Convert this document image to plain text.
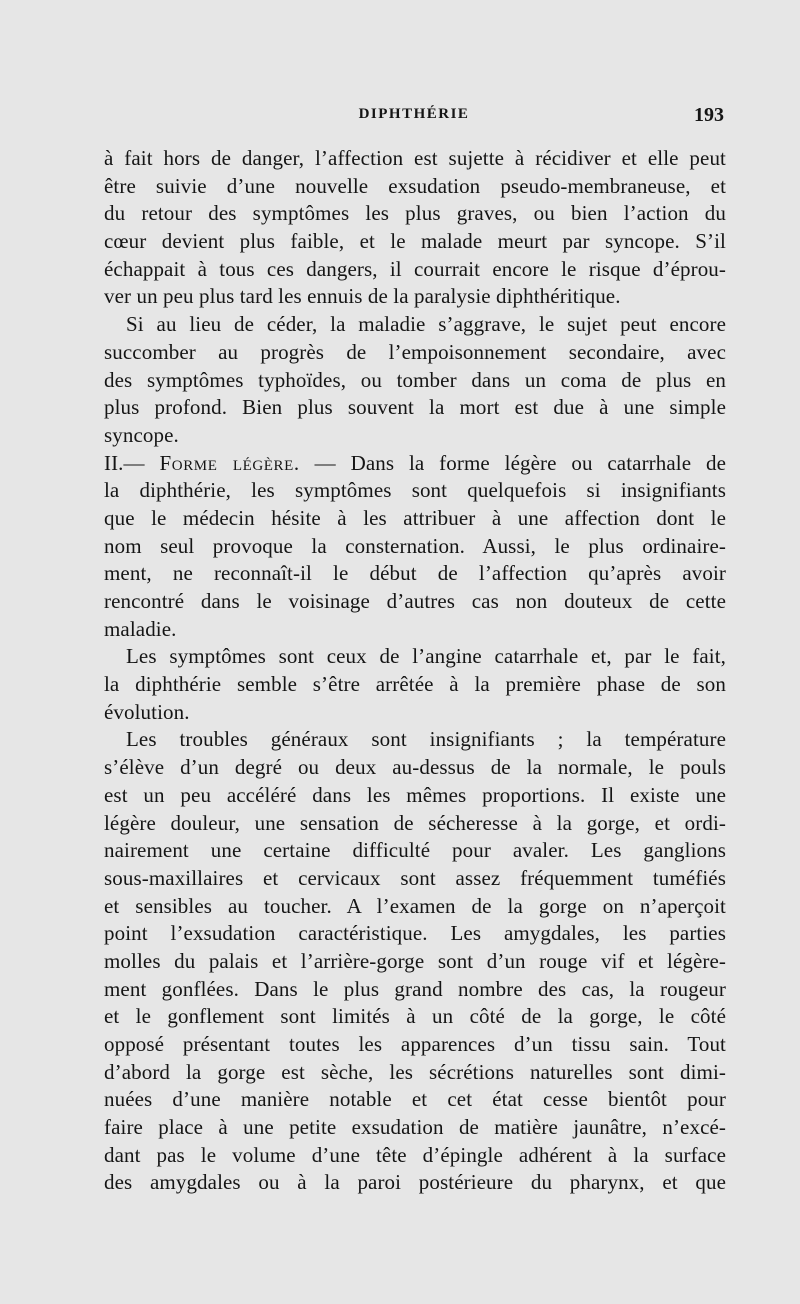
DIPHTHÉRIE	193
à fait hors de danger, l’affection est sujette à récidiver et elle peut
être suivie d’une nouvelle exsudation pseudo-membraneuse, et
du retour des symptômes les plus graves, ou bien l’action du
cœur devient plus faible, et le malade meurt par syncope. S’il
échappait à tous ces dangers, il courrait encore le risque d’éprou-
ver un peu plus tard les ennuis de la paralysie diphthéritique.
Si au lieu de céder, la maladie s’aggrave, le sujet peut encore
succomber au progrès de l’empoisonnement secondaire, avec
des symptômes typhoïdes, ou tomber dans un coma de plus en
plus profond. Bien plus souvent la mort est due à une simple
syncope.
II.— Forme légère. — Dans la forme légère ou catarrhale de
la diphthérie, les symptômes sont quelquefois si insignifiants
que le médecin hésite à les attribuer à une affection dont le
nom seul provoque la consternation. Aussi, le plus ordinaire-
ment, ne reconnaît-il le début de l’affection qu’après avoir
rencontré dans le voisinage d’autres cas non douteux de cette
maladie.
Les symptômes sont ceux de l’angine catarrhale et, par le fait,
la diphthérie semble s’être arrêtée à la première phase de son
évolution.
Les troubles généraux sont insignifiants ; la température
s’élève d’un degré ou deux au-dessus de la normale, le pouls
est un peu accéléré dans les mêmes proportions. Il existe une
légère douleur, une sensation de sécheresse à la gorge, et ordi-
nairement une certaine difficulté pour avaler. Les ganglions
sous-maxillaires et cervicaux sont assez fréquemment tuméfiés
et sensibles au toucher. A l’examen de la gorge on n’aperçoit
point l’exsudation caractéristique. Les amygdales, les parties
molles du palais et l’arrière-gorge sont d’un rouge vif et légère-
ment gonflées. Dans le plus grand nombre des cas, la rougeur
et le gonflement sont limités à un côté de la gorge, le côté
opposé présentant toutes les apparences d’un tissu sain. Tout
d’abord la gorge est sèche, les sécrétions naturelles sont dimi-
nuées d’une manière notable et cet état cesse bientôt pour
faire place à une petite exsudation de matière jaunâtre, n’excé-
dant pas le volume d’une tête d’épingle adhérent à la surface
des amygdales ou à la paroi postérieure du pharynx, et que
